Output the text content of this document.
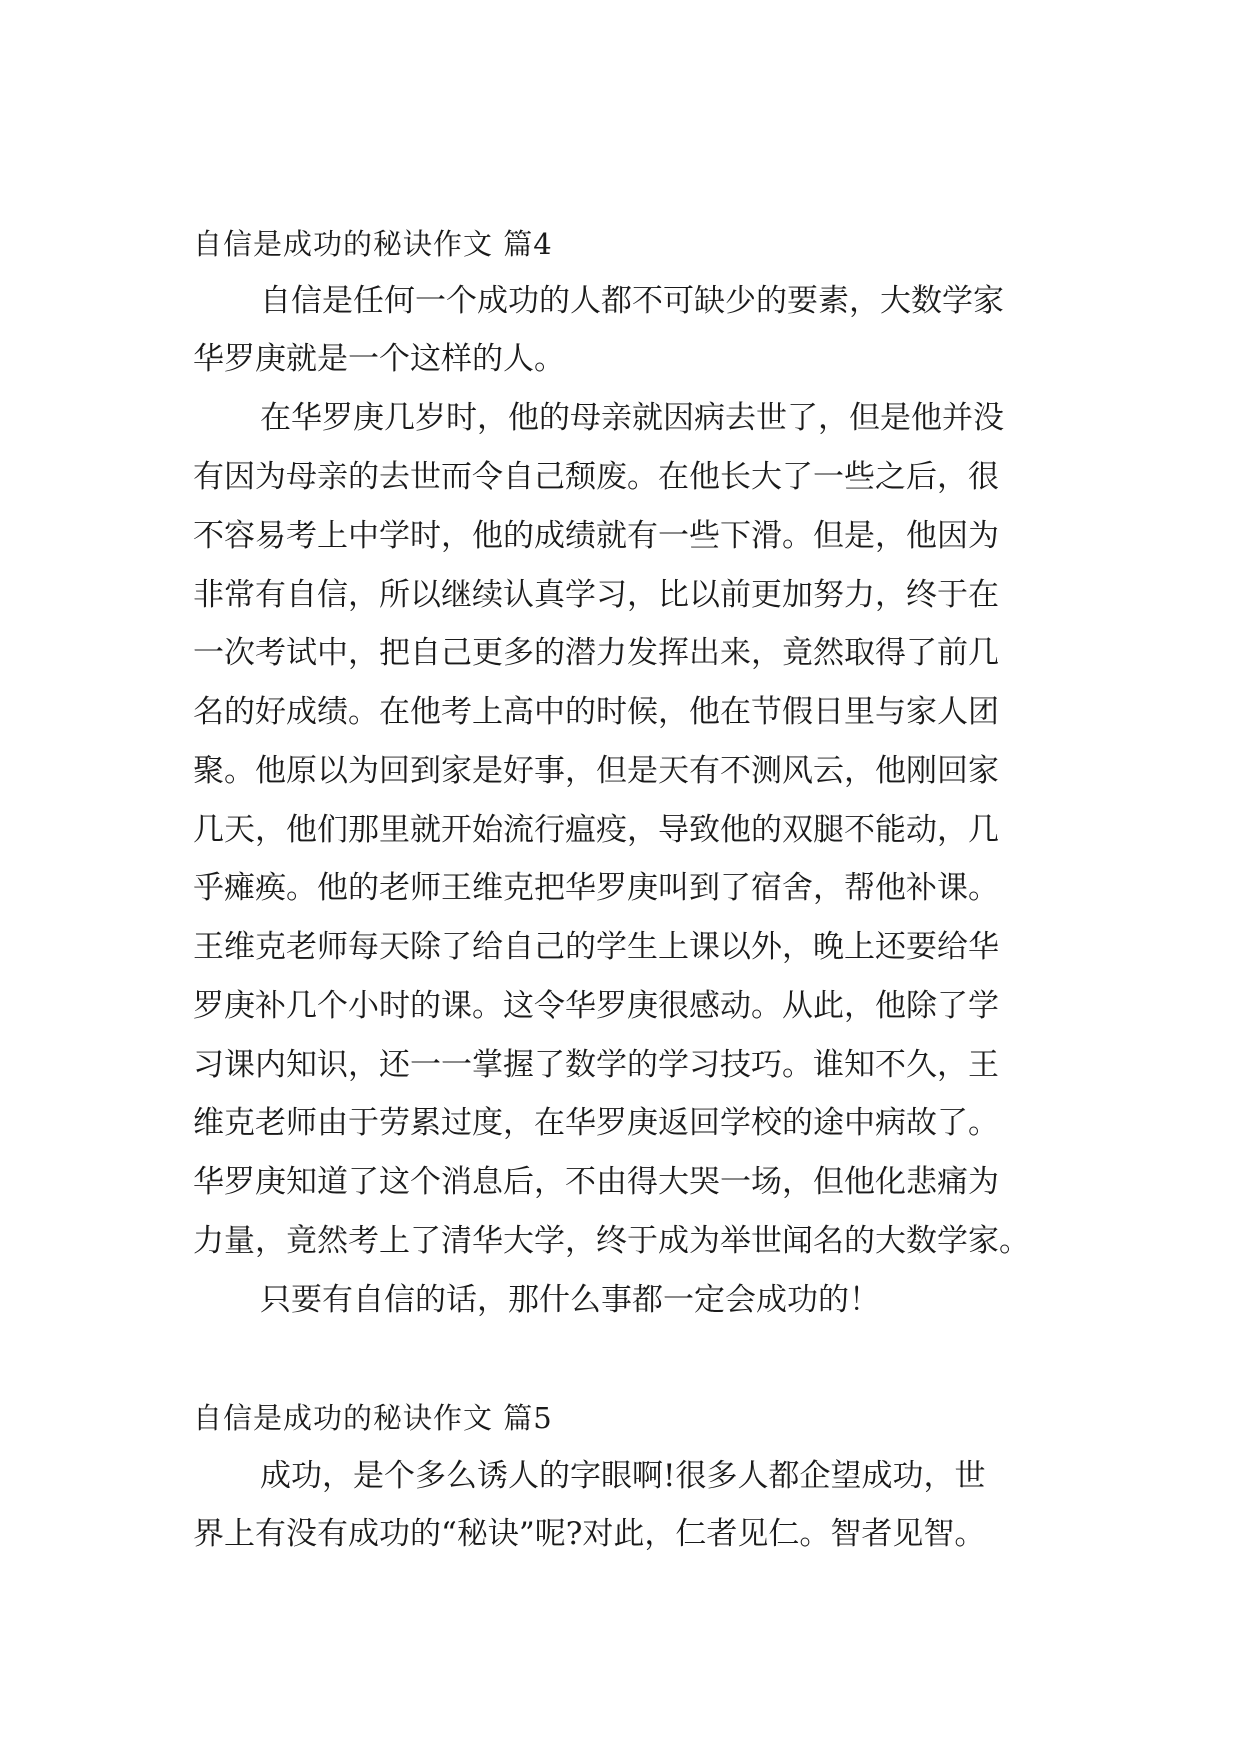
自信是成功的秘诀作文 篇4
自信是任何一个成功的人都不可缺少的要素，大数学家
华罗庚就是一个这样的人。
在华罗庚几岁时，他的母亲就因病去世了，但是他并没
有因为母亲的去世而令自己颓废。在他长大了一些之后，很
不容易考上中学时，他的成绩就有一些下滑。但是，他因为
非常有自信，所以继续认真学习，比以前更加努力，终于在
一次考试中，把自己更多的潜力发挥出来，竟然取得了前几
名的好成绩。在他考上高中的时候，他在节假日里与家人团
聚。他原以为回到家是好事，但是天有不测风云，他刚回家
几天，他们那里就开始流行瘟疫，导致他的双腿不能动，几
乎瘫痪。他的老师王维克把华罗庚叫到了宿舍，帮他补课。
王维克老师每天除了给自己的学生上课以外，晚上还要给华
罗庚补几个小时的课。这令华罗庚很感动。从此，他除了学
习课内知识，还一一掌握了数学的学习技巧。谁知不久，王
维克老师由于劳累过度，在华罗庚返回学校的途中病故了。
华罗庚知道了这个消息后，不由得大哭一场，但他化悲痛为
力量，竟然考上了清华大学，终于成为举世闻名的大数学家。
只要有自信的话，那什么事都一定会成功的！
自信是成功的秘诀作文 篇5
成功，是个多么诱人的字眼啊!很多人都企望成功，世
界上有没有成功的“秘诀”呢?对此，仁者见仁。智者见智。
